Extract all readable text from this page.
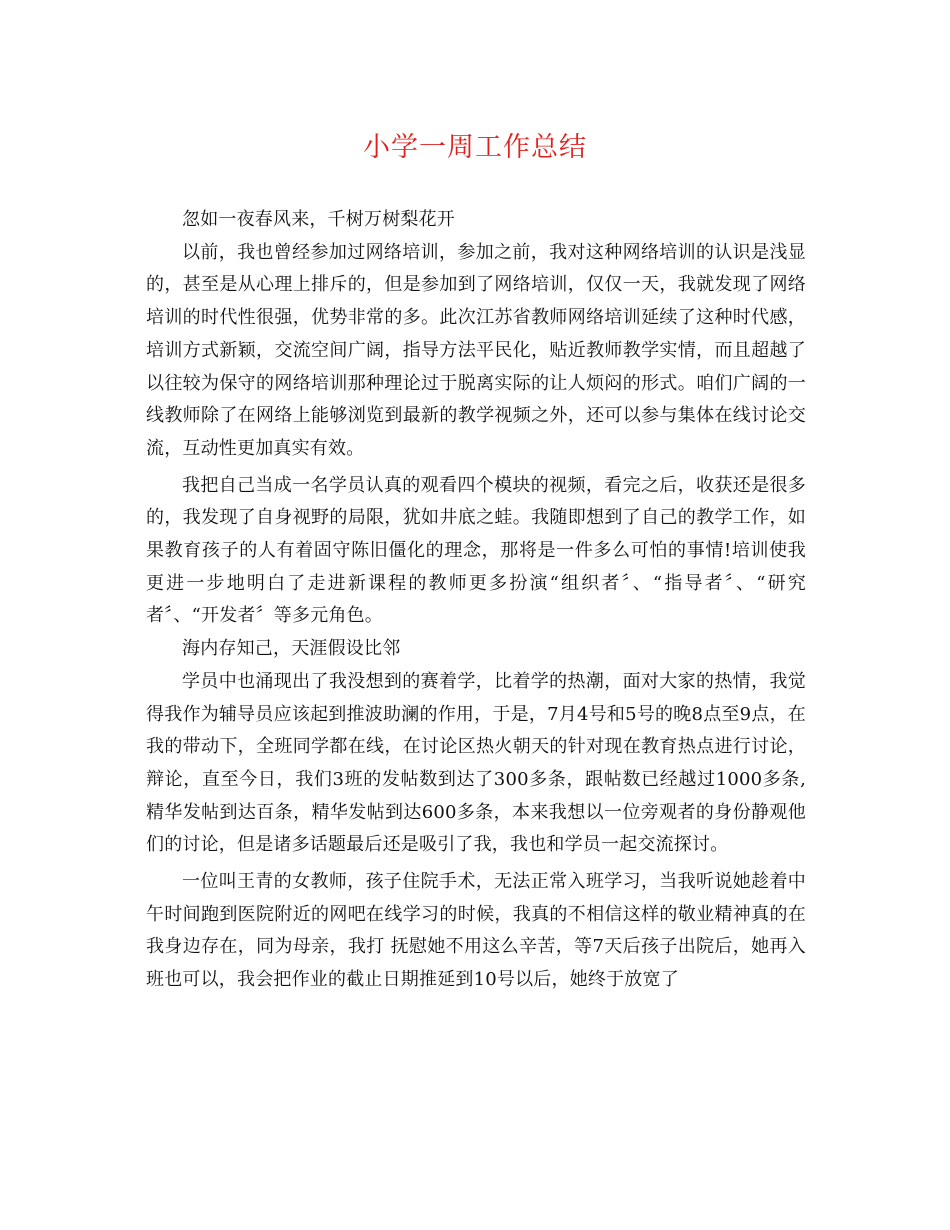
小学一周工作总结

忽如一夜春风来，千树万树梨花开

以前，我也曾经参加过网络培训，参加之前，我对这种网络培训的认识是浅显的，甚至是从心理上排斥的，但是参加到了网络培训，仅仅一天，我就发现了网络培训的时代性很强，优势非常的多。此次江苏省教师网络培训延续了这种时代感，培训方式新颖，交流空间广阔，指导方法平民化，贴近教师教学实情，而且超越了以往较为保守的网络培训那种理论过于脱离实际的让人烦闷的形式。咱们广阔的一线教师除了在网络上能够浏览到最新的教学视频之外，还可以参与集体在线讨论交流，互动性更加真实有效。

我把自己当成一名学员认真的观看四个模块的视频，看完之后，收获还是很多的，我发现了自身视野的局限，犹如井底之蛙。我随即想到了自己的教学工作，如果教育孩子的人有着固守陈旧僵化的理念，那将是一件多么可怕的事情!培训使我更进一步地明白了走进新课程的教师更多扮演“组织者〞、“指导者〞、“研究者〞、“开发者〞等多元角色。

海内存知己，天涯假设比邻

学员中也涌现出了我没想到的赛着学，比着学的热潮，面对大家的热情，我觉得我作为辅导员应该起到推波助澜的作用，于是，7月4号和5号的晚8点至9点，在我的带动下，全班同学都在线，在讨论区热火朝天的针对现在教育热点进行讨论，辩论，直至今日，我们3班的发帖数到达了300多条，跟帖数已经越过1000多条,精华发帖到达百条，精华发帖到达600多条，本来我想以一位旁观者的身份静观他们的讨论，但是诸多话题最后还是吸引了我，我也和学员一起交流探讨。

一位叫王青的女教师，孩子住院手术，无法正常入班学习，当我听说她趁着中午时间跑到医院附近的网吧在线学习的时候，我真的不相信这样的敬业精神真的在我身边存在，同为母亲，我打 抚慰她不用这么辛苦，等7天后孩子出院后，她再入班也可以，我会把作业的截止日期推延到10号以后，她终于放宽了
